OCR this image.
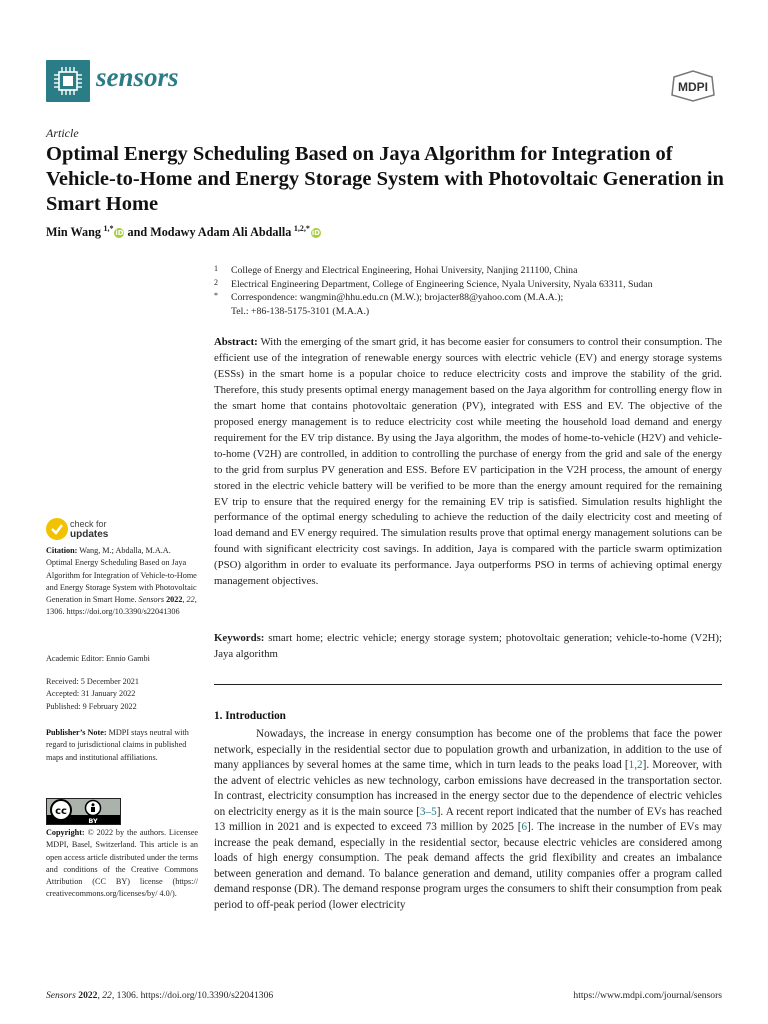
sensors	MDPI
Article
Optimal Energy Scheduling Based on Jaya Algorithm for Integration of Vehicle-to-Home and Energy Storage System with Photovoltaic Generation in Smart Home
Min Wang  $^{1,*}$iD and Modawy Adam Ali Abdalla  $^{1,2,*}$iD
1 College of Energy and Electrical Engineering, Hohai University, Nanjing 211100, China
2 Electrical Engineering Department, College of Engineering Science, Nyala University, Nyala 63311, Sudan
* Correspondence: wangmin@hhu.edu.cn (M.W.); brojacter88@yahoo.com (M.A.A.);
Tel.: +86-138-5175-3101 (M.A.A.)
Abstract: With the emerging of the smart grid, it has become easier for consumers to control their consumption. The efficient use of the integration of renewable energy sources with electric vehicle (EV) and energy storage systems (ESSs) in the smart home is a popular choice to reduce electricity costs and improve the stability of the grid. Therefore, this study presents optimal energy management based on the Jaya algorithm for controlling energy flow in the smart home that contains photovoltaic generation (PV), integrated with ESS and EV. The objective of the proposed energy management is to reduce electricity cost while meeting the household load demand and energy requirement for the EV trip distance. By using the Jaya algorithm, the modes of home-to-vehicle (H2V) and vehicle-to-home (V2H) are controlled, in addition to controlling the purchase of energy from the grid and sale of the energy to the grid from surplus PV generation and ESS. Before EV participation in the V2H process, the amount of energy stored in the electric vehicle battery will be verified to be more than the energy amount required for the remaining EV trip to ensure that the required energy for the remaining EV trip is satisfied. Simulation results highlight the performance of the optimal energy scheduling to achieve the reduction of the daily electricity cost and meeting of load demand and EV energy required. The simulation results prove that optimal energy management solutions can be found with significant electricity cost savings. In addition, Jaya is compared with the particle swarm optimization (PSO) algorithm in order to evaluate its performance. Jaya outperforms PSO in terms of achieving optimal energy management objectives.
Keywords: smart home; electric vehicle; energy storage system; photovoltaic generation; vehicle-to-home (V2H); Jaya algorithm
1. Introduction
Nowadays, the increase in energy consumption has become one of the problems that face the power network, especially in the residential sector due to population growth and urbanization, in addition to the use of many appliances by several homes at the same time, which in turn leads to the peaks load [1,2]. Moreover, with the advent of electric vehicles as new technology, carbon emissions have decreased in the transportation sector. In contrast, electricity consumption has increased in the energy sector due to the dependence of electric vehicles on electricity energy as it is the main source [3–5]. A recent report indicated that the number of EVs has reached 13 million in 2021 and is expected to exceed 73 million by 2025 [6]. The increase in the number of EVs may increase the peak demand, especially in the residential sector, because electric vehicles are considered among loads of high energy consumption. The peak demand affects the grid flexibility and creates an imbalance between generation and demand. To balance generation and demand, utility companies offer a program called demand response (DR). The demand response program urges the consumers to shift their consumption from peak period to off-peak period (lower electricity
check for
updates
Citation: Wang, M.; Abdalla, M.A.A. Optimal Energy Scheduling Based on Jaya Algorithm for Integration of Vehicle-to-Home and Energy Storage System with Photovoltaic Generation in Smart Home. Sensors 2022, 22, 1306. https://doi.org/10.3390/s22041306
Academic Editor: Ennio Gambi
Received: 5 December 2021
Accepted: 31 January 2022
Published: 9 February 2022
Publisher’s Note: MDPI stays neutral with regard to jurisdictional claims in published maps and institutional affiliations.
cc
BY
Copyright: © 2022 by the authors. Licensee MDPI, Basel, Switzerland. This article is an open access article distributed under the terms and conditions of the Creative Commons Attribution (CC BY) license (https:// creativecommons.org/licenses/by/ 4.0/).
Sensors 2022, 22, 1306. https://doi.org/10.3390/s22041306	https://www.mdpi.com/journal/sensors
